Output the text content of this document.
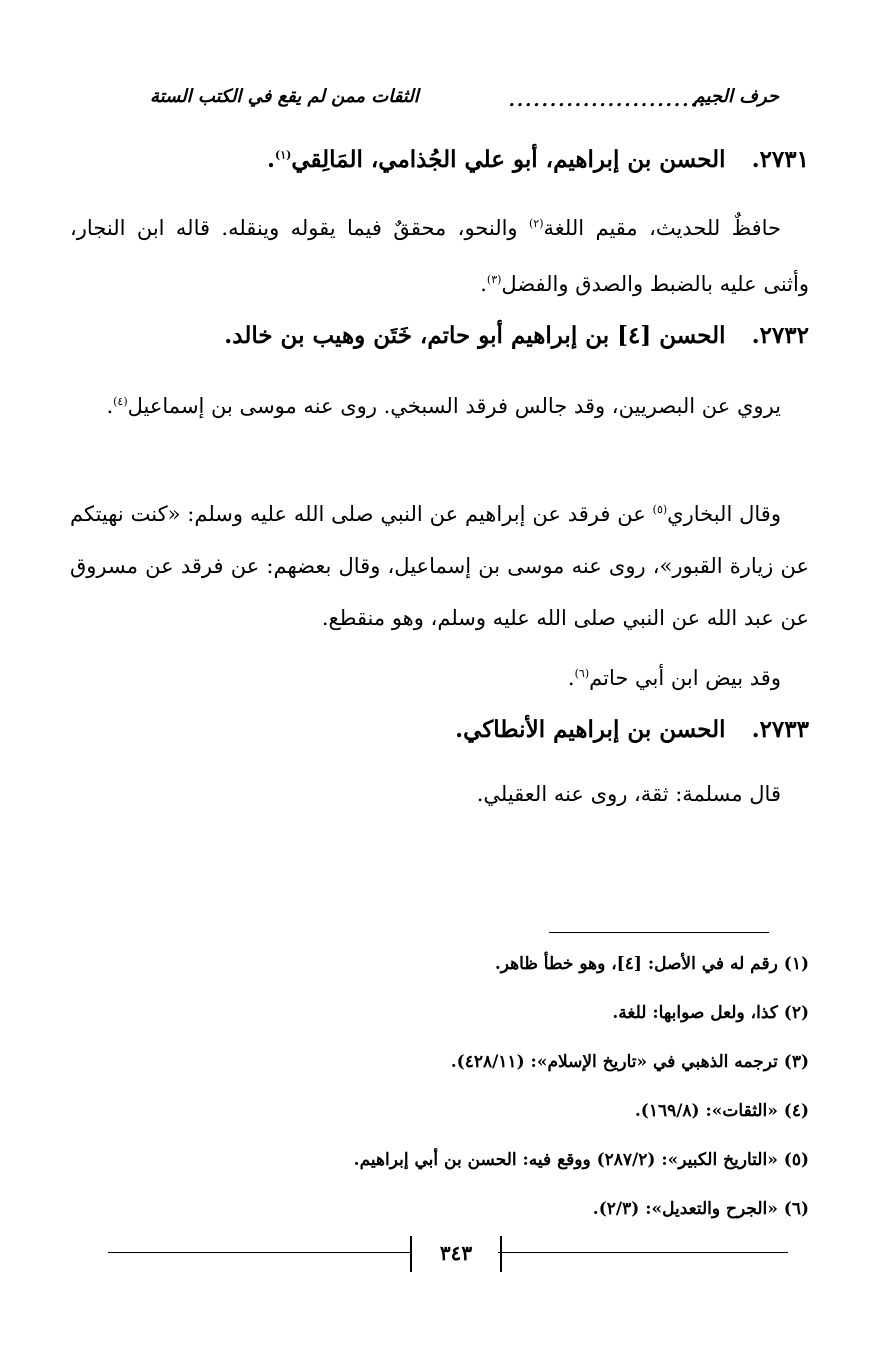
حرف الجيم
........................
الثقات ممن لم يقع في الكتب الستة
٢٧٣١. الحسن بن إبراهيم، أبو علي الجُذامي، المَالِقي$^{(١)}$.
حافظٌ للحديث، مقيم اللغة$^{(٢)}$ والنحو، محققٌ فيما يقوله وينقله. قاله ابن النجار، وأثنى عليه بالضبط والصدق والفضل$^{(٣)}$.
٢٧٣٢. الحسن [٤] بن إبراهيم أبو حاتم، خَتَن وهيب بن خالد.
يروي عن البصريين، وقد جالس فرقد السبخي. روى عنه موسى بن إسماعيل$^{(٤)}$.
وقال البخاري$^{(٥)}$ عن فرقد عن إبراهيم عن النبي صلى الله عليه وسلم: «كنت نهيتكم عن زيارة القبور»، روى عنه موسى بن إسماعيل، وقال بعضهم: عن فرقد عن مسروق عن عبد الله عن النبي صلى الله عليه وسلم، وهو منقطع.
وقد بيض ابن أبي حاتم$^{(٦)}$.
٢٧٣٣. الحسن بن إبراهيم الأنطاكي.
قال مسلمة: ثقة، روى عنه العقيلي.
(١) رقم له في الأصل: [٤]، وهو خطأ ظاهر.
(٢) كذا، ولعل صوابها: للغة.
(٣) ترجمه الذهبي في «تاريخ الإسلام»: (٤٢٨/١١).
(٤) «الثقات»: (١٦٩/٨).
(٥) «التاريخ الكبير»: (٢٨٧/٢) ووقع فيه: الحسن بن أبي إبراهيم.
(٦) «الجرح والتعديل»: (٢/٣).
٣٤٣
